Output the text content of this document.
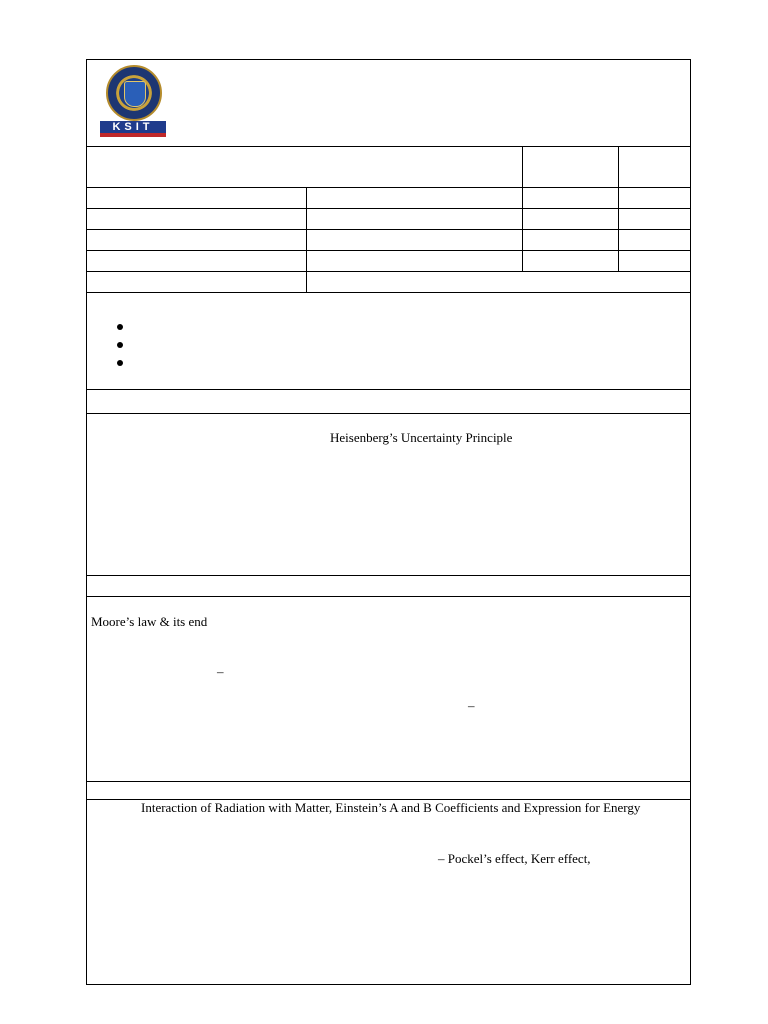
KSIT
Heisenberg’s Uncertainty Principle
Moore’s law & its end
–
–
Interaction of Radiation with Matter, Einstein’s A and B Coefficients and Expression for Energy
– Pockel’s effect, Kerr effect,
